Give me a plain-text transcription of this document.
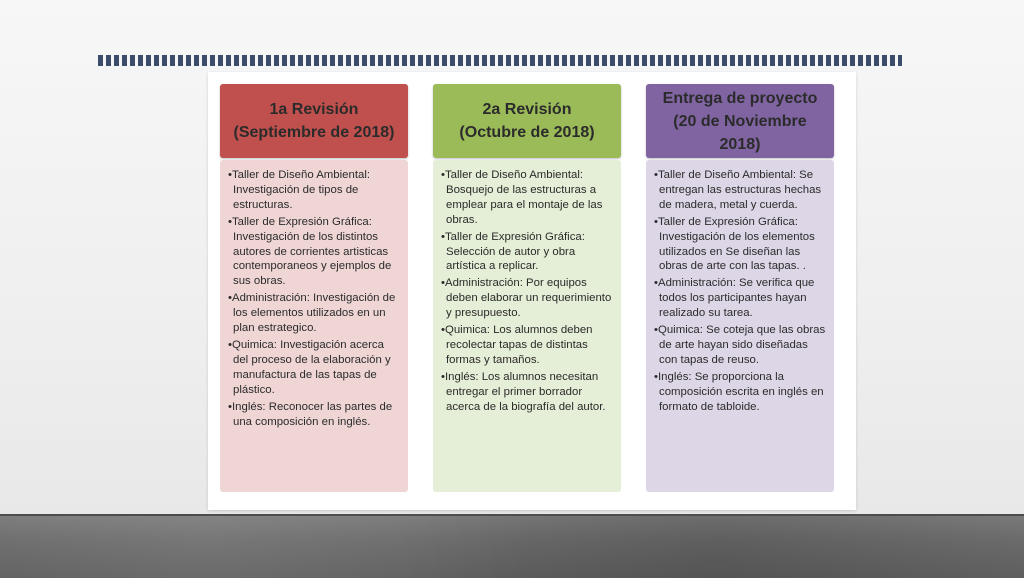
1a Revisión
(Septiembre de 2018)
•Taller de Diseño Ambiental: Investigación de tipos de estructuras.
•Taller de Expresión Gráfica: Investigación de los distintos autores de corrientes artisticas contemporaneos y ejemplos de sus obras.
•Administración: Investigación de los elementos utilizados en un plan estrategico.
•Quimica: Investigación acerca del proceso de la elaboración y manufactura de las tapas de plástico.
•Inglés: Reconocer las partes de una composición en inglés.
2a Revisión
(Octubre de 2018)
•Taller de Diseño Ambiental: Bosquejo de las estructuras a emplear para el montaje de las obras.
•Taller de Expresión Gráfica: Selección de autor y obra artística a replicar.
•Administración: Por equipos deben elaborar un requerimiento y presupuesto.
•Quimica: Los alumnos deben recolectar tapas de distintas formas y tamaños.
•Inglés: Los alumnos necesitan entregar el primer borrador acerca de la biografía del autor.
Entrega de proyecto
(20 de Noviembre
2018)
•Taller de Diseño Ambiental: Se entregan las estructuras hechas de madera, metal y cuerda.
•Taller de Expresión Gráfica: Investigación de los elementos utilizados en Se diseñan las obras de arte con las tapas. .
•Administración: Se verifica que todos los participantes hayan realizado su tarea.
•Quimica: Se coteja que las obras de arte hayan sido diseñadas con tapas de reuso.
•Inglés: Se proporciona la composición escrita en inglés en formato de tabloide.
